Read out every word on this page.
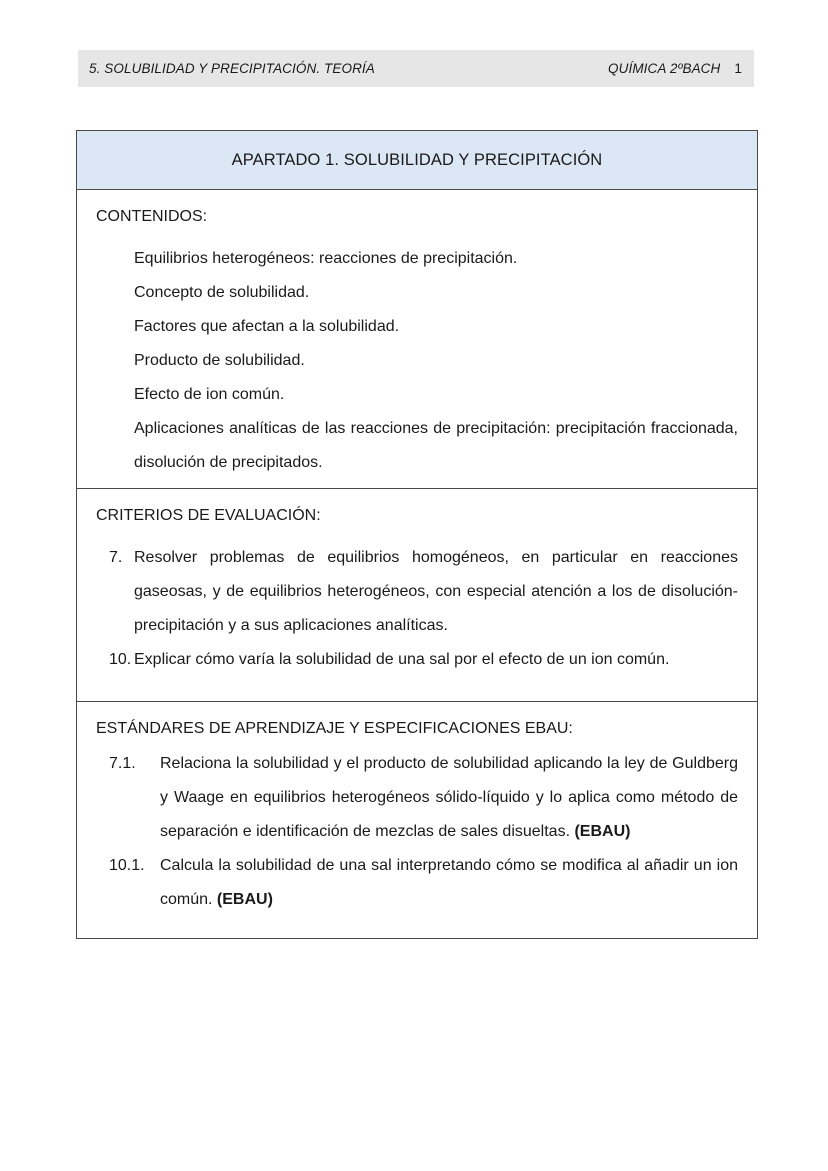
5. SOLUBILIDAD Y PRECIPITACIÓN. TEORÍA	QUÍMICA 2ºBACH 1
APARTADO 1. SOLUBILIDAD Y PRECIPITACIÓN
CONTENIDOS:
Equilibrios heterogéneos: reacciones de precipitación.
Concepto de solubilidad.
Factores que afectan a la solubilidad.
Producto de solubilidad.
Efecto de ion común.
Aplicaciones analíticas de las reacciones de precipitación: precipitación fraccionada, disolución de precipitados.
CRITERIOS DE EVALUACIÓN:
7. Resolver problemas de equilibrios homogéneos, en particular en reacciones gaseosas, y de equilibrios heterogéneos, con especial atención a los de disolución-precipitación y a sus aplicaciones analíticas.
10. Explicar cómo varía la solubilidad de una sal por el efecto de un ion común.
ESTÁNDARES DE APRENDIZAJE Y ESPECIFICACIONES EBAU:
7.1.	Relaciona la solubilidad y el producto de solubilidad aplicando la ley de Guldberg y Waage en equilibrios heterogéneos sólido-líquido y lo aplica como método de separación e identificación de mezclas de sales disueltas. (EBAU)
10.1. Calcula la solubilidad de una sal interpretando cómo se modifica al añadir un ion común. (EBAU)
